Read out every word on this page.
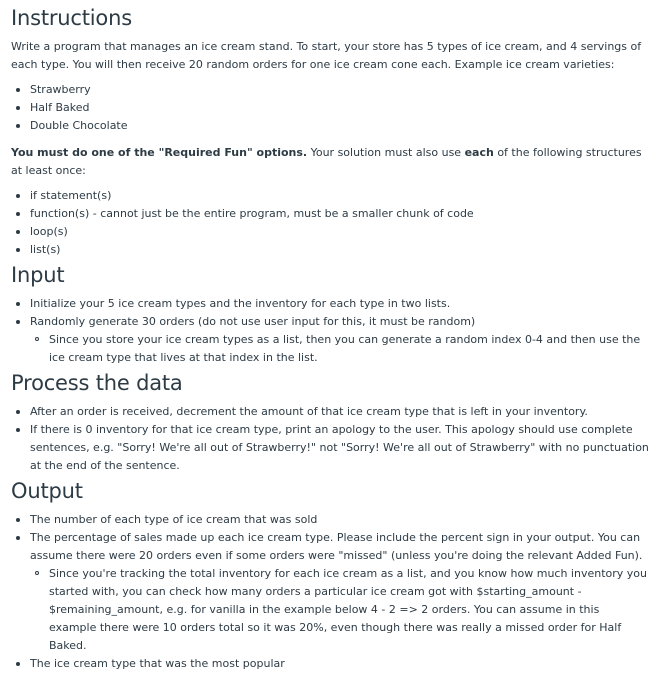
Instructions

Write a program that manages an ice cream stand. To start, your store has 5 types of ice cream, and 4 servings of each type. You will then receive 20 random orders for one ice cream cone each. Example ice cream varieties:

Strawberry
Half Baked
Double Chocolate

You must do one of the "Required Fun" options. Your solution must also use each of the following structures at least once:

if statement(s)
function(s) - cannot just be the entire program, must be a smaller chunk of code
loop(s)
list(s)
Input
Initialize your 5 ice cream types and the inventory for each type in two lists.
Randomly generate 30 orders (do not use user input for this, it must be random)
Since you store your ice cream types as a list, then you can generate a random index 0-4 and then use the ice cream type that lives at that index in the list.
Process the data
After an order is received, decrement the amount of that ice cream type that is left in your inventory.
If there is 0 inventory for that ice cream type, print an apology to the user. This apology should use complete sentences, e.g. "Sorry! We're all out of Strawberry!" not "Sorry! We're all out of Strawberry" with no punctuation at the end of the sentence.
Output
The number of each type of ice cream that was sold
The percentage of sales made up each ice cream type. Please include the percent sign in your output. You can assume there were 20 orders even if some orders were "missed" (unless you're doing the relevant Added Fun).
Since you're tracking the total inventory for each ice cream as a list, and you know how much inventory you started with, you can check how many orders a particular ice cream got with $starting_amount - $remaining_amount, e.g. for vanilla in the example below 4 - 2 => 2 orders. You can assume in this example there were 10 orders total so it was 20%, even though there was really a missed order for Half Baked.
The ice cream type that was the most popular
